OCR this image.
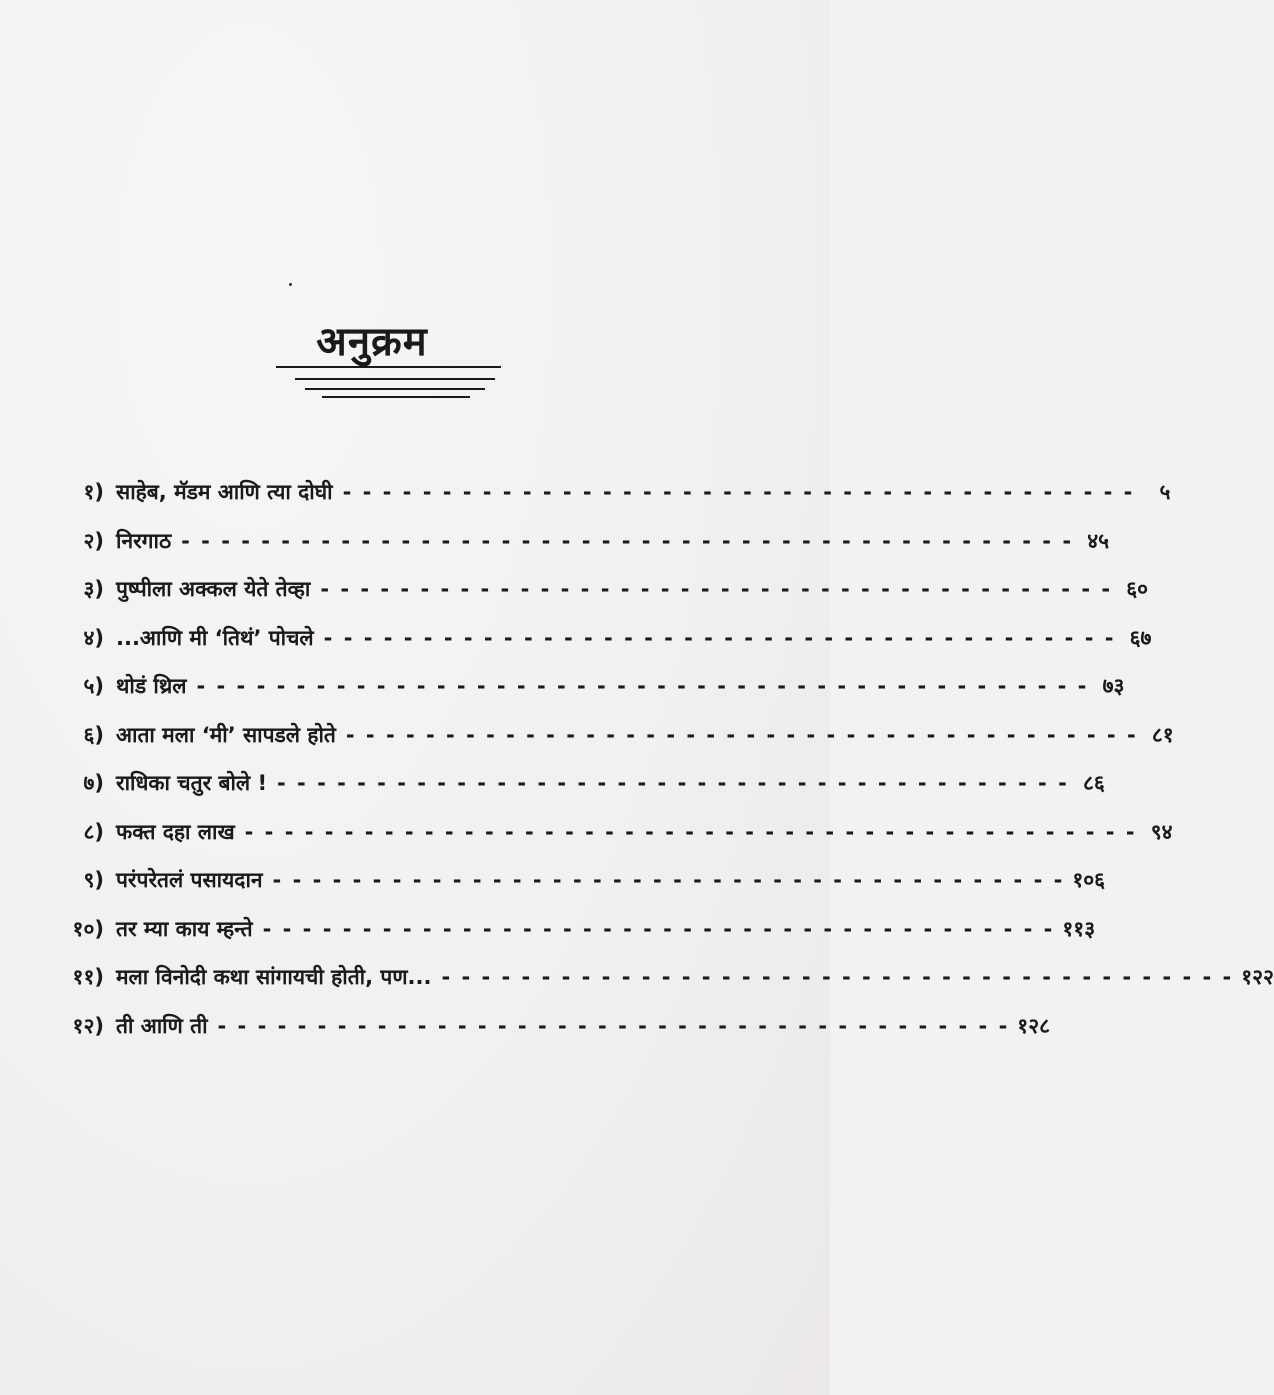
अनुक्रम
१) साहेब, मॅडम आणि त्या दोघी - - - - - - - - - - - - - - - - - - - - - - - - - - - - - - - - - - - - - - - -	५
२) निरगाठ - - - - - - - - - - - - - - - - - - - - - - - - - - - - - - - - - - - - - - - - - - - - - ४५
३) पुष्पीला अक्कल येते तेव्हा - - - - - - - - - - - - - - - - - - - - - - - - - - - - - - - - - - - - - - - - ६०
४) ...आणि मी ‘तिथं’ पोचले - - - - - - - - - - - - - - - - - - - - - - - - - - - - - - - - - - - - - - - - ६७
५) थोडं थ्रिल - - - - - - - - - - - - - - - - - - - - - - - - - - - - - - - - - - - - - - - - - - - - - ७३
६) आता मला ‘मी’ सापडले होते - - - - - - - - - - - - - - - - - - - - - - - - - - - - - - - - - - - - - - - - ८१
७) राधिका चतुर बोले ! - - - - - - - - - - - - - - - - - - - - - - - - - - - - - - - - - - - - - - - - ८६
८) फक्त दहा लाख - - - - - - - - - - - - - - - - - - - - - - - - - - - - - - - - - - - - - - - - - - - - - ९४
९) परंपरेतलं पसायदान - - - - - - - - - - - - - - - - - - - - - - - - - - - - - - - - - - - - - - - - १०६
१०) तर म्या काय म्हन्ते - - - - - - - - - - - - - - - - - - - - - - - - - - - - - - - - - - - - - - - - ११३
११) मला विनोदी कथा सांगायची होती, पण... - - - - - - - - - - - - - - - - - - - - - - - - - - - - - - - - - - - - - - - - १२२
१२) ती आणि ती - - - - - - - - - - - - - - - - - - - - - - - - - - - - - - - - - - - - - - - - १२८
